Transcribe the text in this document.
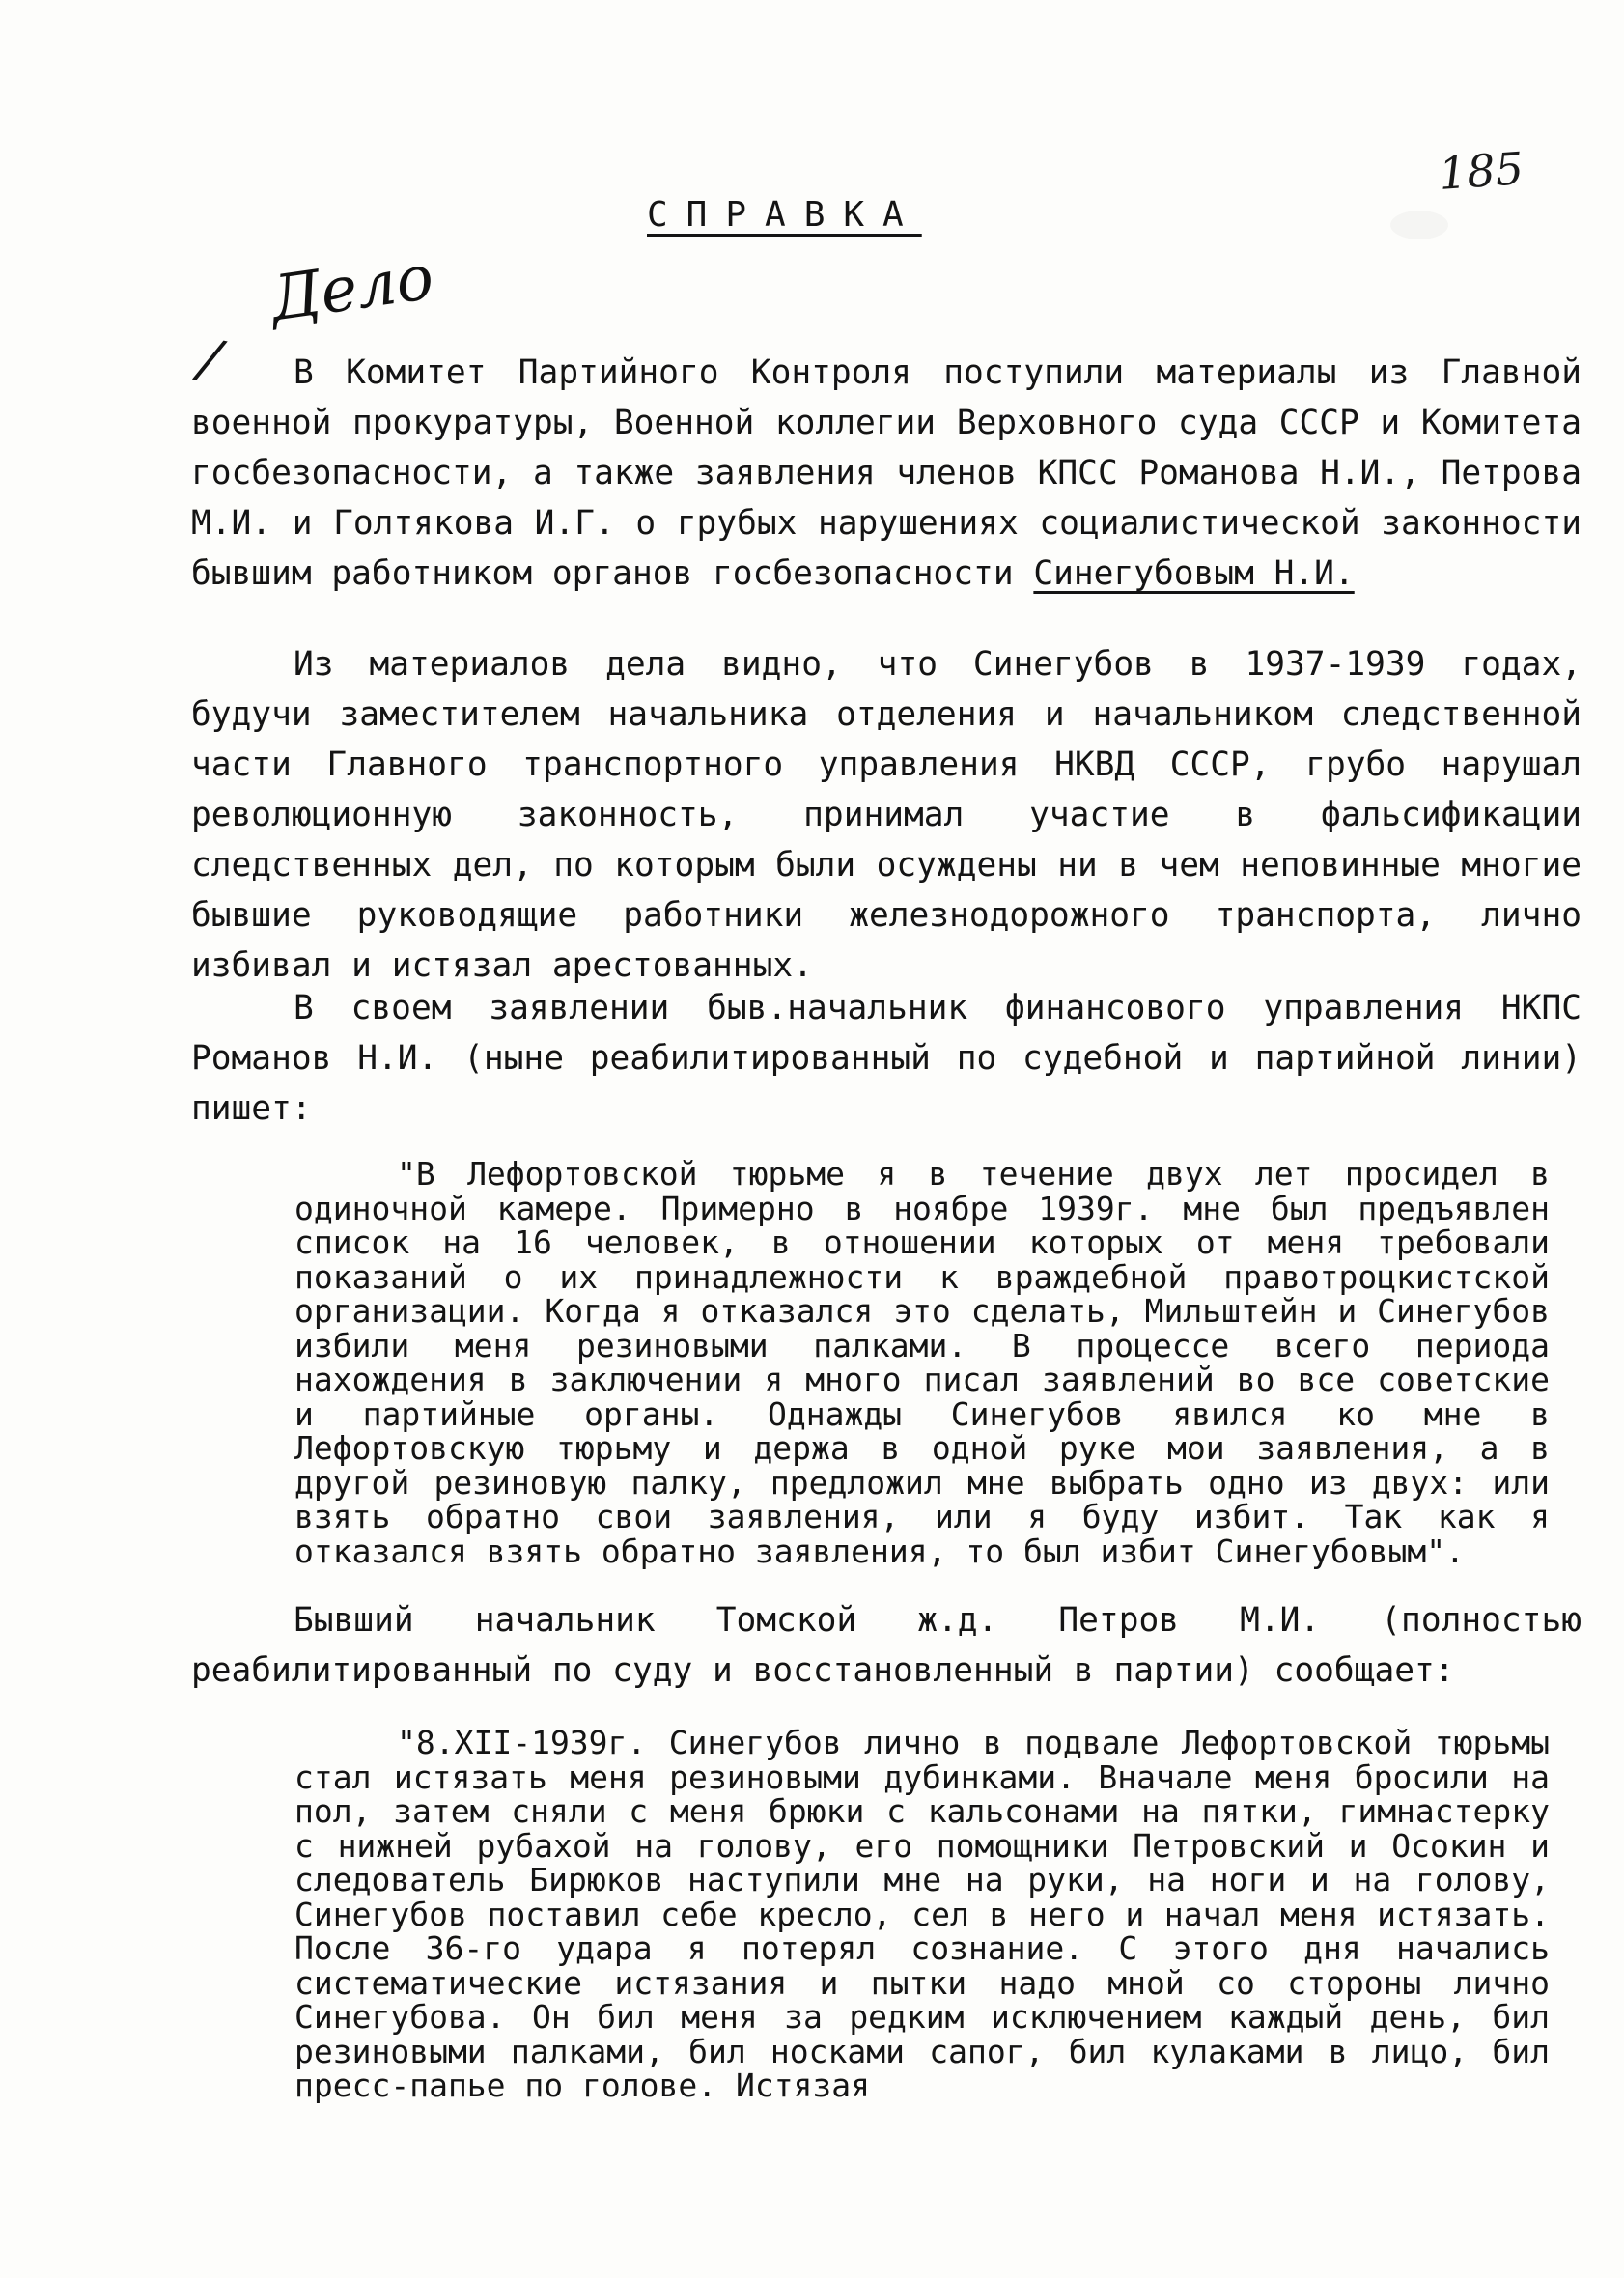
185
СПРАВКА
Дело
/	В Комитет Партийного Контроля поступили материалы из Главной военной прокуратуры, Военной коллегии Верховного суда СССР и Комитета госбезопасности, а также заявления членов КПСС Романова Н.И., Петрова М.И. и Голтякова И.Г. о грубых нарушениях социалистической законности бывшим работником органов госбезопасности Синегубовым Н.И.

Из материалов дела видно, что Синегубов в 1937-1939 годах, будучи заместителем начальника отделения и начальником следственной части Главного транспортного управления НКВД СССР, грубо нарушал революционную законность, принимал участие в фальсификации следственных дел, по которым были осуждены ни в чем неповинные многие бывшие руководящие работники железнодорожного транспорта, лично избивал и истязал арестованных.

В своем заявлении быв.начальник финансового управления НКПС Романов Н.И. (ныне реабилитированный по судебной и партийной линии) пишет:

"В Лефортовской тюрьме я в течение двух лет просидел в одиночной камере. Примерно в ноябре 1939г. мне был предъявлен список на 16 человек, в отношении которых от меня требовали показаний о их принадлежности к враждебной правотроцкистской организации. Когда я отказался это сделать, Мильштейн и Синегубов избили меня резиновыми палками. В процессе всего периода нахождения в заключении я много писал заявлений во все советские и партийные органы. Однажды Синегубов явился ко мне в Лефортовскую тюрьму и держа в одной руке мои заявления, а в другой резиновую палку, предложил мне выбрать одно из двух: или взять обратно свои заявления, или я буду избит. Так как я отказался взять обратно заявления, то был избит Синегубовым".

Бывший начальник Томской ж.д. Петров М.И. (полностью реабилитированный по суду и восстановленный в партии) сообщает:

"8.XII-1939г. Синегубов лично в подвале Лефортовской тюрьмы стал истязать меня резиновыми дубинками. Вначале меня бросили на пол, затем сняли с меня брюки с кальсонами на пятки, гимнастерку с нижней рубахой на голову, его помощники Петровский и Осокин и следователь Бирюков наступили мне на руки, на ноги и на голову, Синегубов поставил себе кресло, сел в него и начал меня истязать. После 36-го удара я потерял сознание. С этого дня начались систематические истязания и пытки надо мной со стороны лично Синегубова. Он бил меня за редким исключением каждый день, бил резиновыми палками, бил носками сапог, бил кулаками в лицо, бил пресс-папье по голове. Истязая
